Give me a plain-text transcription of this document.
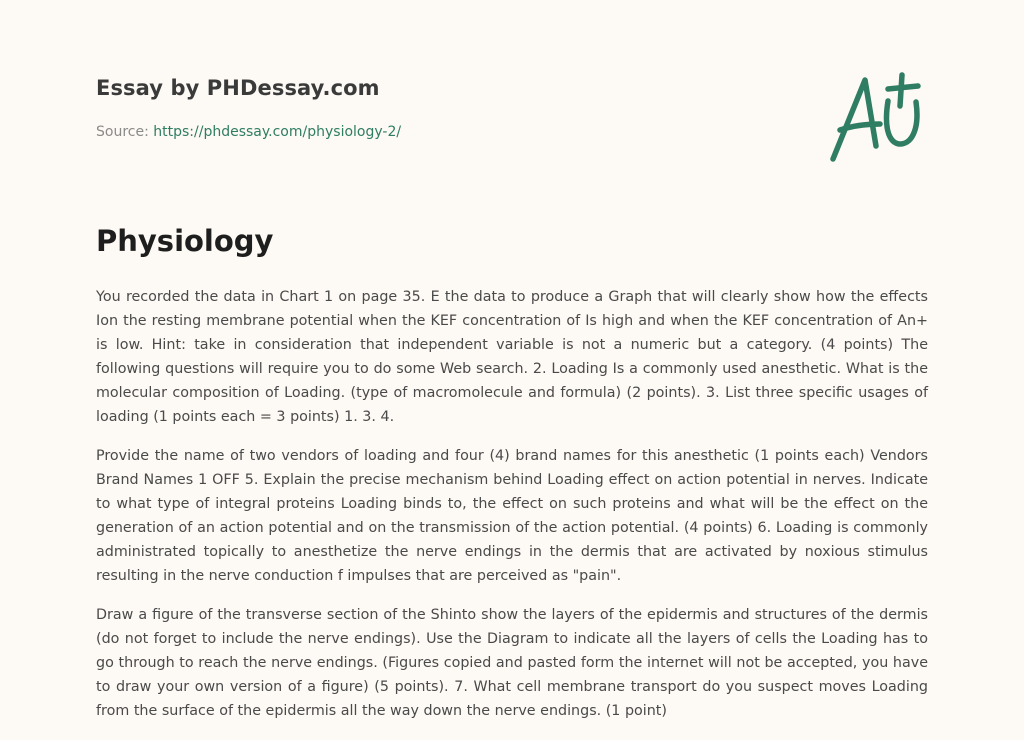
Essay by PHDessay.com
Source: https://phdessay.com/physiology-2/
Physiology

You recorded the data in Chart 1 on page 35. E the data to produce a Graph that will clearly show how the effects Ion the resting membrane potential when the KEF concentration of Is high and when the KEF concentration of An+ is low. Hint: take in consideration that independent variable is not a numeric but a category. (4 points) The following questions will require you to do some Web search. 2. Loading Is a commonly used anesthetic. What is the molecular composition of Loading. (type of macromolecule and formula) (2 points). 3. List three specific usages of loading (1 points each = 3 points) 1. 3. 4.

Provide the name of two vendors of loading and four (4) brand names for this anesthetic (1 points each) Vendors Brand Names 1 OFF 5. Explain the precise mechanism behind Loading effect on action potential in nerves. Indicate to what type of integral proteins Loading binds to, the effect on such proteins and what will be the effect on the generation of an action potential and on the transmission of the action potential. (4 points) 6. Loading is commonly administrated topically to anesthetize the nerve endings in the dermis that are activated by noxious stimulus resulting in the nerve conduction f impulses that are perceived as "pain".

Draw a figure of the transverse section of the Shinto show the layers of the epidermis and structures of the dermis (do not forget to include the nerve endings). Use the Diagram to indicate all the layers of cells the Loading has to go through to reach the nerve endings. (Figures copied and pasted form the internet will not be accepted, you have to draw your own version of a figure) (5 points). 7. What cell membrane transport do you suspect moves Loading from the surface of the epidermis all the way down the nerve endings. (1 point)
